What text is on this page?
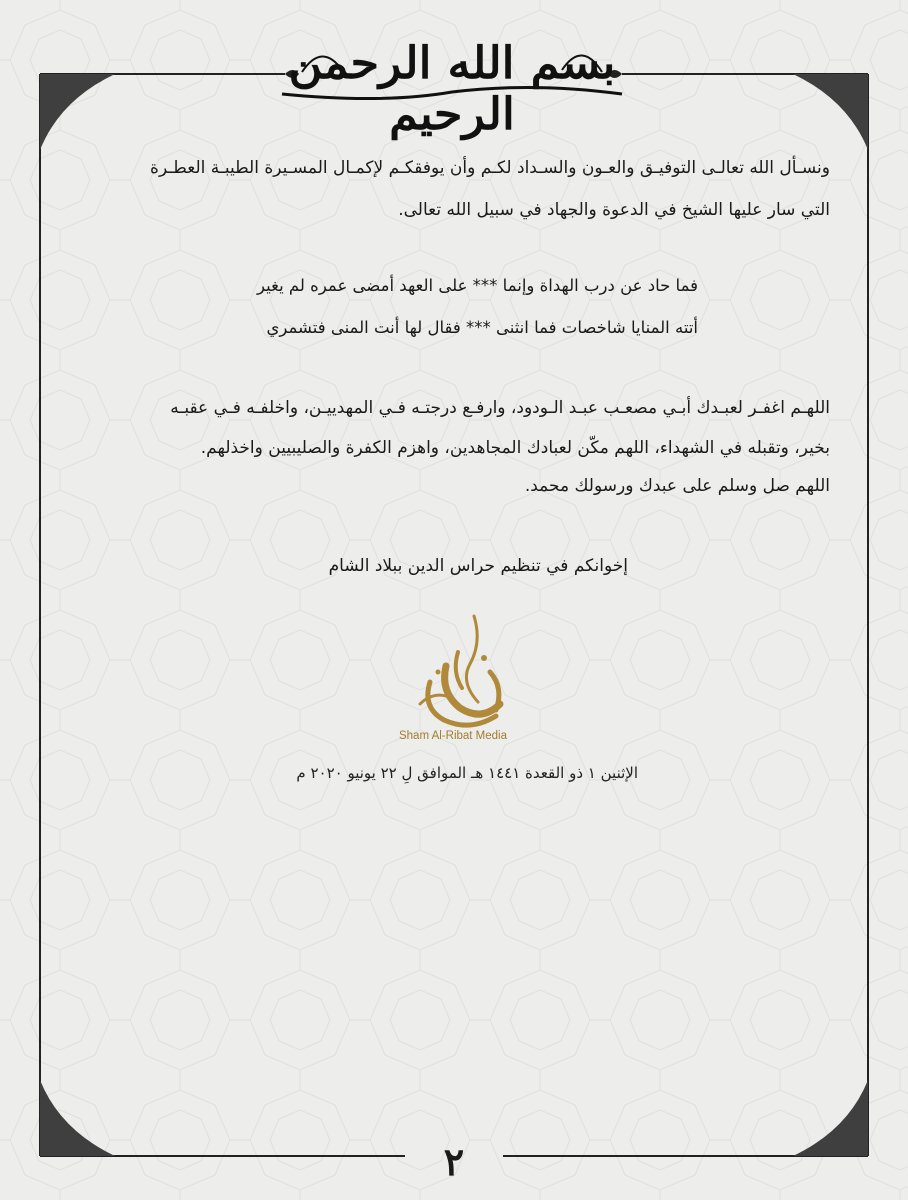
بسم الله الرحمن الرحيم
ونسـأل الله تعالـى التوفيـق والعـون والسـداد لكـم وأن يوفقكـم لإكمـال المسـيرة الطيبـة العطـرة
التي سار عليها الشيخ في الدعوة والجهاد في سبيل الله تعالى.
فما حاد عن درب الهداة وإنما *** على العهد أمضى عمره لم يغير
أتته المنايا شاخصات فما انثنى *** فقال لها أنت المنى فتشمري
اللهـم اغفـر لعبـدك أبـي مصعـب عبـد الـودود، وارفـع درجتـه فـي المهدييـن، واخلفـه فـي عقبـه
بخير، وتقبله في الشهداء، اللهم مكّن لعبادك المجاهدين، واهزم الكفرة والصليبيين واخذلهم.
اللهم صل وسلم على عبدك ورسولك محمد.
إخوانكم في تنظيم حراس الدين ببلاد الشام
Sham Al-Ribat Media
الإثنين ١ ذو القعدة ١٤٤١ هـ الموافق لِ ٢٢ يونيو ٢٠٢٠ م
٢
